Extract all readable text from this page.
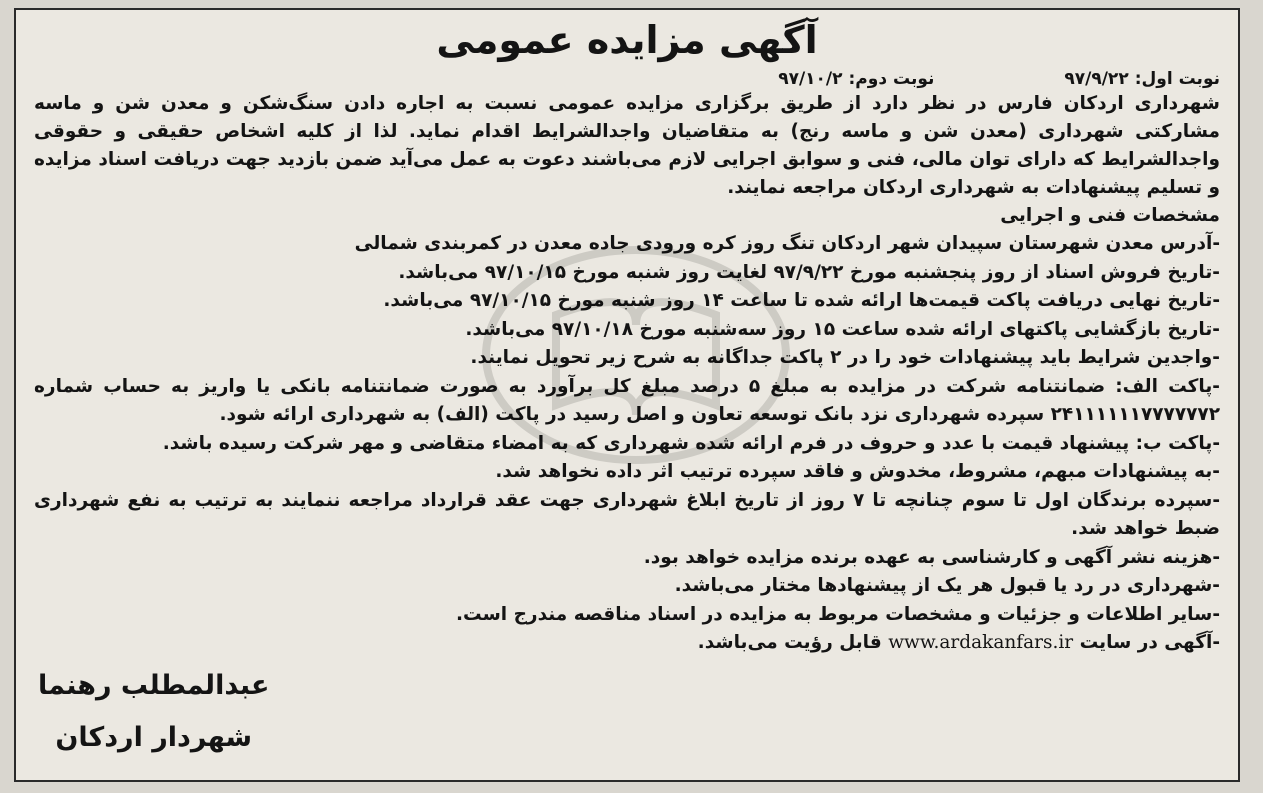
آگهی مزایده عمومی
نوبت اول:
۹۷/۹/۲۲
نوبت دوم:
۹۷/۱۰/۲

شهرداری اردکان فارس در نظر دارد از طریق برگزاری مزایده عمومی نسبت به اجاره دادن سنگ‌شکن و معدن شن و ماسه مشارکتی شهرداری (معدن شن و ماسه رنج) به متقاضیان واجدالشرایط اقدام نماید. لذا از کلیه اشخاص حقیقی و حقوقی واجدالشرایط که دارای توان مالی، فنی و سوابق اجرایی لازم می‌باشند دعوت به عمل می‌آید ضمن بازدید جهت دریافت اسناد مزایده و تسلیم پیشنهادات به شهرداری اردکان مراجعه نمایند.

مشخصات فنی و اجرایی

-آدرس معدن شهرستان سپیدان شهر اردکان تنگ روز کره ورودی جاده معدن در کمربندی شمالی
-تاریخ فروش اسناد از روز پنجشنبه مورخ ۹۷/۹/۲۲ لغایت روز شنبه مورخ ۹۷/۱۰/۱۵ می‌باشد.
-تاریخ نهایی دریافت پاکت قیمت‌ها ارائه شده تا ساعت ۱۴ روز شنبه مورخ ۹۷/۱۰/۱۵ می‌باشد.
-تاریخ بازگشایی پاکتهای ارائه شده ساعت ۱۵ روز سه‌شنبه مورخ ۹۷/۱۰/۱۸ می‌باشد.
-واجدین شرایط باید پیشنهادات خود را در ۲ پاکت جداگانه به شرح زیر تحویل نمایند.
-پاکت الف: ضمانتنامه شرکت در مزایده به مبلغ ۵ درصد مبلغ کل برآورد به صورت ضمانتنامه بانکی یا واریز به حساب شماره ۲۴۱۱۱۱۱۱۷۷۷۷۷۷۲ سپرده شهرداری نزد بانک توسعه تعاون و اصل رسید در پاکت (الف) به شهرداری ارائه شود.
-پاکت ب: پیشنهاد قیمت با عدد و حروف در فرم ارائه شده شهرداری که به امضاء متقاضی و مهر شرکت رسیده باشد.
-به پیشنهادات مبهم، مشروط، مخدوش و فاقد سپرده ترتیب اثر داده نخواهد شد.
-سپرده برندگان اول تا سوم چنانچه تا ۷ روز از تاریخ ابلاغ شهرداری جهت عقد قرارداد مراجعه ننمایند به ترتیب به نفع شهرداری ضبط خواهد شد.
-هزینه نشر آگهی و کارشناسی به عهده برنده مزایده خواهد بود.
-شهرداری در رد یا قبول هر یک از پیشنهادها مختار می‌باشد.
-سایر اطلاعات و جزئیات و مشخصات مربوط به مزایده در اسناد مناقصه مندرج است.
-آگهی در سایت www.ardakanfars.ir قابل رؤیت می‌باشد.
عبدالمطلب رهنما
شهردار اردکان
